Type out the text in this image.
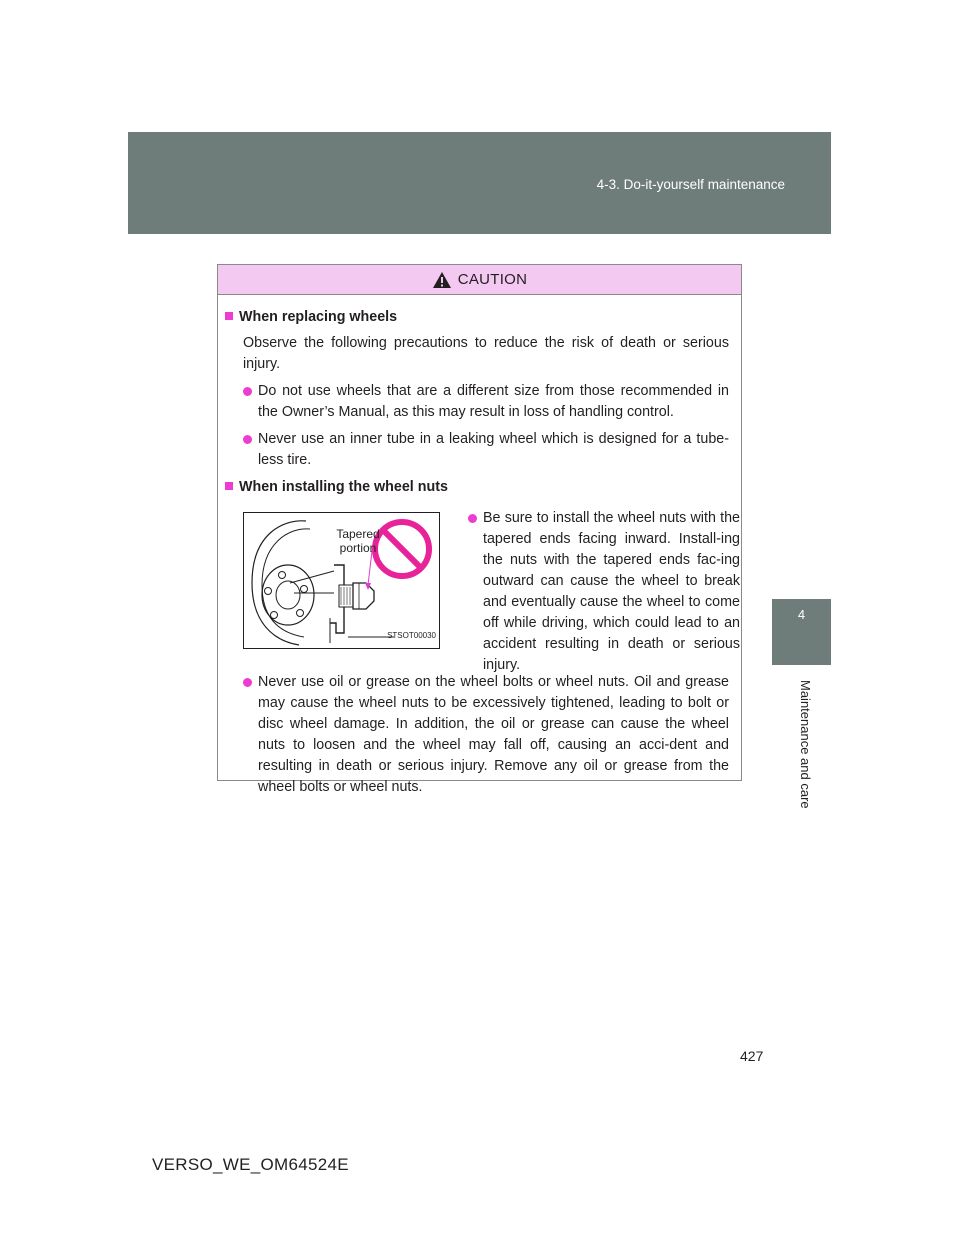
4-3. Do-it-yourself maintenance
4
Maintenance and care
CAUTION
When replacing wheels
Observe the following precautions to reduce the risk of death or serious injury.
Do not use wheels that are a different size from those recommended in the Owner’s Manual, as this may result in loss of handling control.
Never use an inner tube in a leaking wheel which is designed for a tube-less tire.
When installing the wheel nuts
Tapered
portion
STSOT00030
Be sure to install the wheel nuts with the tapered ends facing inward. Install-ing the nuts with the tapered ends fac-ing outward can cause the wheel to break and eventually cause the wheel to come off while driving, which could lead to an accident resulting in death or serious injury.
Never use oil or grease on the wheel bolts or wheel nuts. Oil and grease may cause the wheel nuts to be excessively tightened, leading to bolt or disc wheel damage. In addition, the oil or grease can cause the wheel nuts to loosen and the wheel may fall off, causing an acci-dent and resulting in death or serious injury. Remove any oil or grease from the wheel bolts or wheel nuts.
427
VERSO_WE_OM64524E
